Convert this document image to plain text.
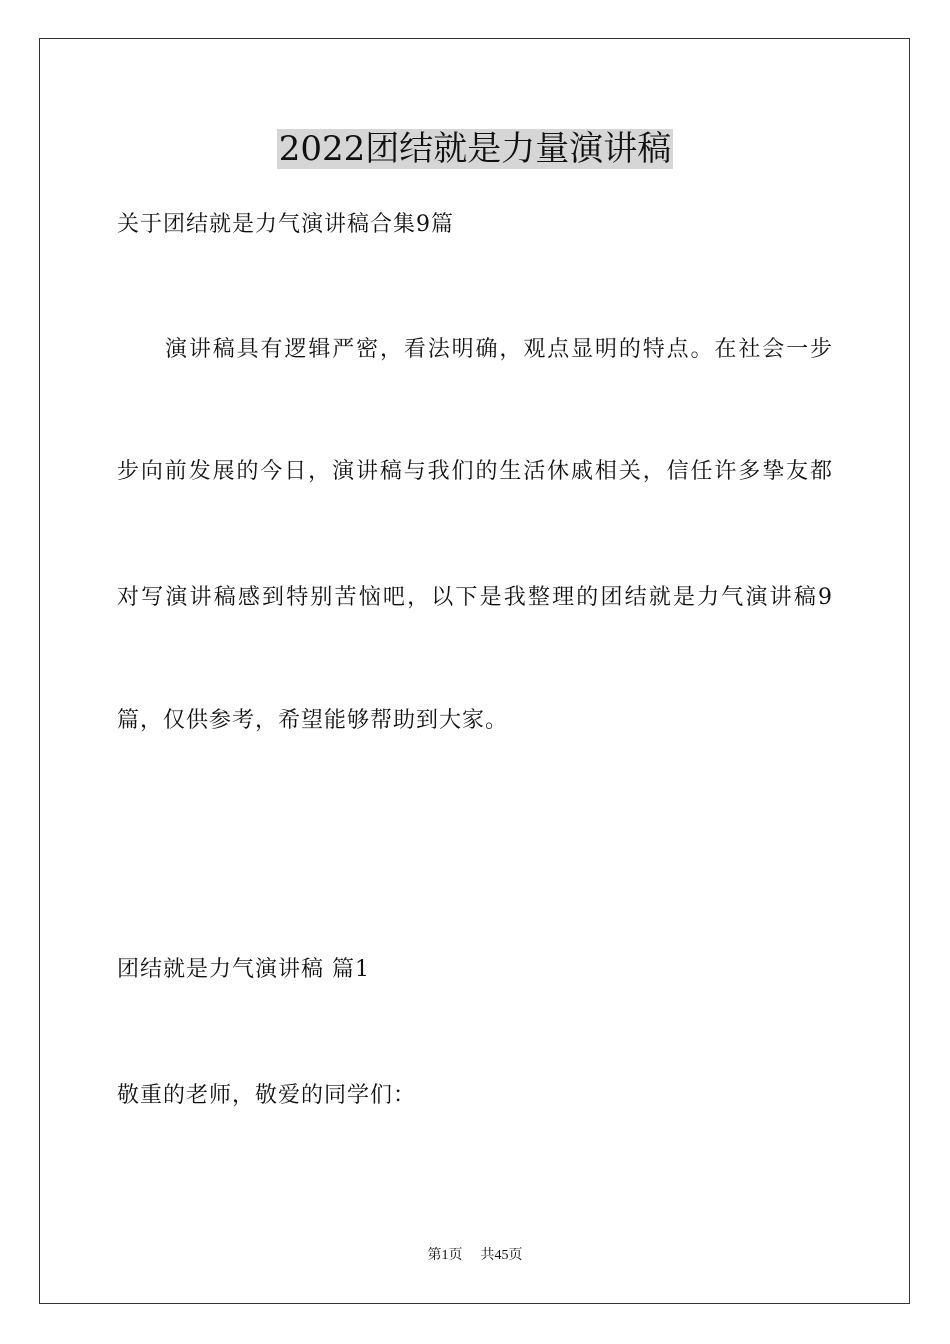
2022团结就是力量演讲稿
关于团结就是力气演讲稿合集9篇
演讲稿具有逻辑严密，看法明确，观点显明的特点。在社会一步
步向前发展的今日，演讲稿与我们的生活休戚相关，信任许多挚友都
对写演讲稿感到特别苦恼吧，以下是我整理的团结就是力气演讲稿9
篇，仅供参考，希望能够帮助到大家。
团结就是力气演讲稿 篇1
敬重的老师，敬爱的同学们：
第1页 共45页
